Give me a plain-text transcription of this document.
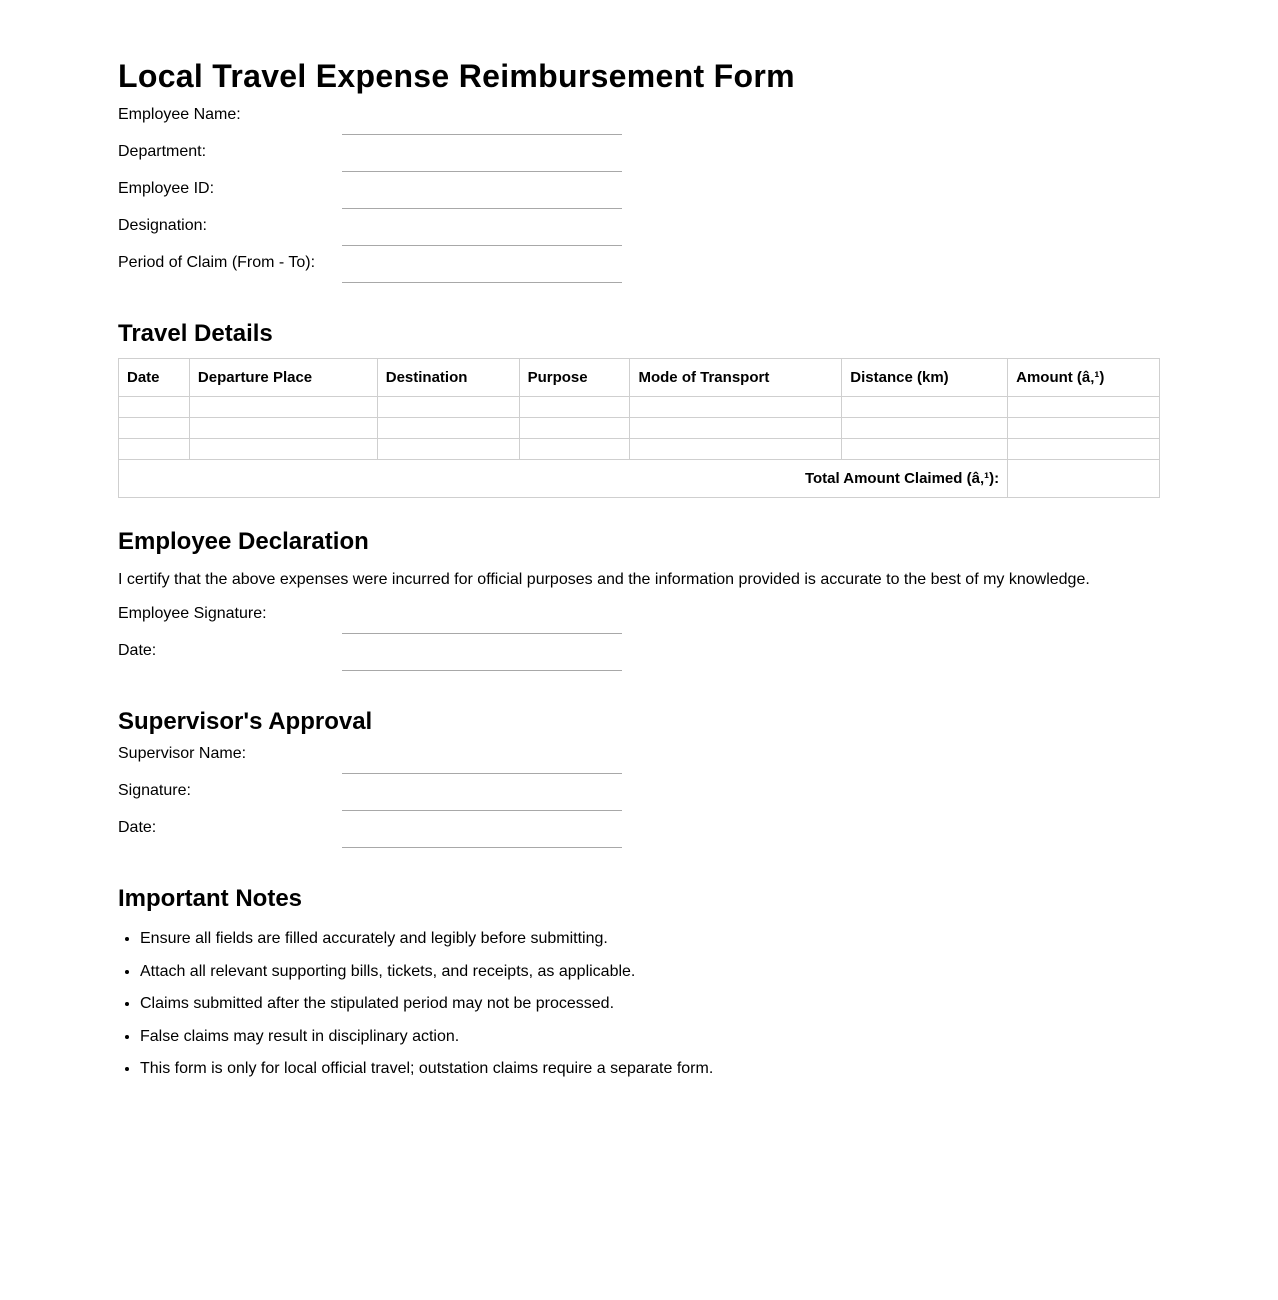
Local Travel Expense Reimbursement Form
Employee Name:
Department:
Employee ID:
Designation:
Period of Claim (From - To):
Travel Details
Date	Departure Place	Destination	Purpose	Mode of Transport	Distance (km)	Amount (â‚¹)

Total Amount Claimed (â‚¹):						
Employee Declaration
I certify that the above expenses were incurred for official purposes and the information provided is accurate to the best of my knowledge.
Employee Signature:
Date:
Supervisor's Approval
Supervisor Name:
Signature:
Date:
Important Notes
• Ensure all fields are filled accurately and legibly before submitting.
• Attach all relevant supporting bills, tickets, and receipts, as applicable.
• Claims submitted after the stipulated period may not be processed.
• False claims may result in disciplinary action.
• This form is only for local official travel; outstation claims require a separate form.
